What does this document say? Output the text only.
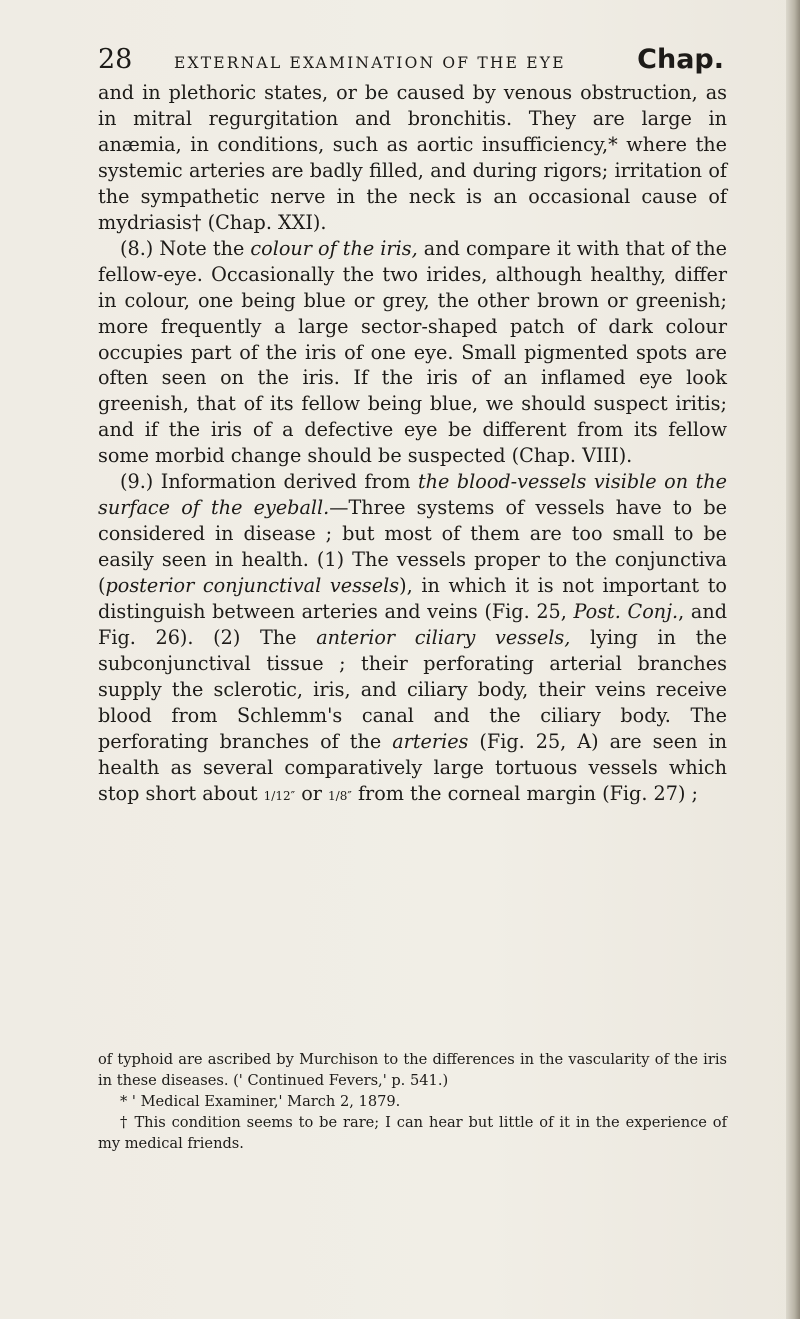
28	EXTERNAL EXAMINATION OF THE EYE	Chap.

and in plethoric states, or be caused by venous obstruction, as in mitral regurgitation and bronchitis. They are large in anæmia, in conditions, such as aortic insufficiency,* where the systemic arteries are badly filled, and during rigors; irritation of the sympathetic nerve in the neck is an occasional cause of mydriasis† (Chap. XXI).

(8.) Note the colour of the iris, and compare it with that of the fellow-eye. Occasionally the two irides, although healthy, differ in colour, one being blue or grey, the other brown or greenish; more frequently a large sector-shaped patch of dark colour occupies part of the iris of one eye. Small pigmented spots are often seen on the iris. If the iris of an inflamed eye look greenish, that of its fellow being blue, we should suspect iritis; and if the iris of a defective eye be different from its fellow some morbid change should be suspected (Chap. VIII).

(9.) Information derived from the blood-vessels visible on the surface of the eyeball.—Three systems of vessels have to be considered in disease ; but most of them are too small to be easily seen in health. (1) The vessels proper to the conjunctiva (posterior conjunctival vessels), in which it is not important to distinguish between arteries and veins (Fig. 25, Post. Conj., and Fig. 26). (2) The anterior ciliary vessels, lying in the subconjunctival tissue ; their perforating arterial branches supply the sclerotic, iris, and ciliary body, their veins receive blood from Schlemm's canal and the ciliary body. The perforating branches of the arteries (Fig. 25, A) are seen in health as several comparatively large tortuous vessels which stop short about 1/12″ or 1/8″ from the corneal margin (Fig. 27) ;

of typhoid are ascribed by Murchison to the differences in the vascularity of the iris in these diseases. (' Continued Fevers,' p. 541.)

* ' Medical Examiner,' March 2, 1879.

† This condition seems to be rare; I can hear but little of it in the experience of my medical friends.
